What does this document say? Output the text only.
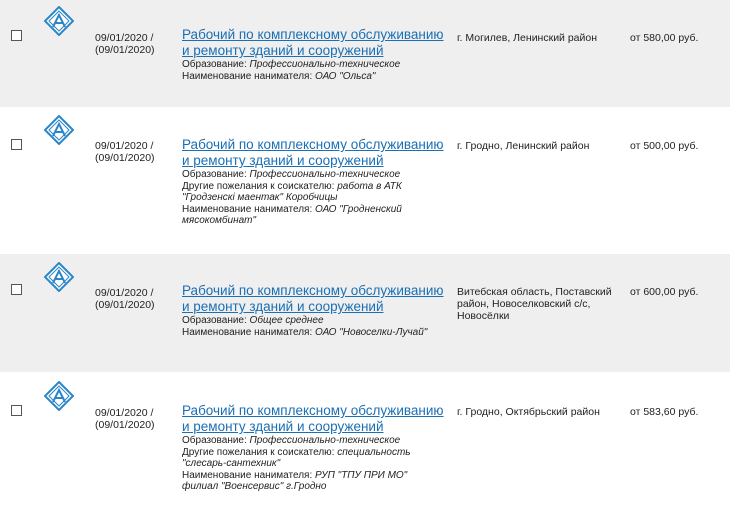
09/01/2020 /
(09/01/2020)
Рабочий по комплексному обслуживанию и ремонту зданий и сооружений
Образование: Профессионально-техническое
Наименование нанимателя: ОАО "Ольса"
г. Могилев, Ленинский район	от 580,00 руб.
09/01/2020 /
(09/01/2020)
Рабочий по комплексному обслуживанию и ремонту зданий и сооружений
Образование: Профессионально-техническое
Другие пожелания к соискателю: работа в АТК "Гродзенскі маентак" Коробчицы
Наименование нанимателя: ОАО "Гродненский мясокомбинат"
г. Гродно, Ленинский район	от 500,00 руб.
09/01/2020 /
(09/01/2020)
Рабочий по комплексному обслуживанию и ремонту зданий и сооружений
Образование: Общее среднее
Наименование нанимателя: ОАО "Новоселки-Лучай"
Витебская область, Поставский район, Новоселковский с/с, Новосёлки
от 600,00 руб.
09/01/2020 /
(09/01/2020)
Рабочий по комплексному обслуживанию и ремонту зданий и сооружений
Образование: Профессионально-техническое
Другие пожелания к соискателю: специальность "слесарь-сантехник"
Наименование нанимателя: РУП "ТПУ ПРИ МО" филиал "Военсервис" г.Гродно
г. Гродно, Октябрьский район	от 583,60 руб.
